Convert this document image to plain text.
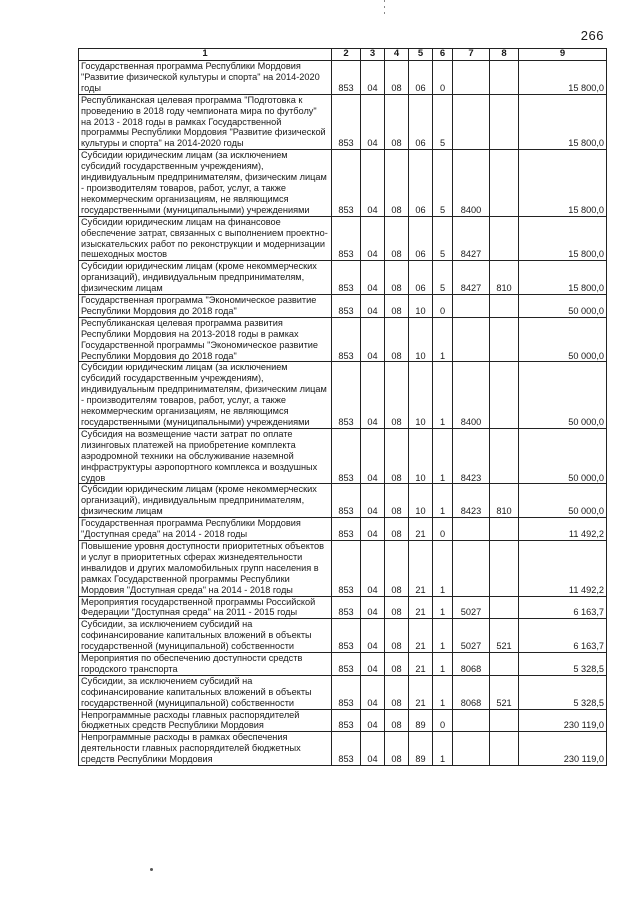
266
1	2	3	4	5	6	7	8	9
Государственная программа Республики Мордовия "Развитие физической культуры и спорта" на 2014-2020 годы	853	04	08	06	0			15 800,0
Республиканская целевая программа "Подготовка к проведению в 2018 году чемпионата мира по футболу" на 2013 - 2018 годы в рамках Государственной программы Республики Мордовия "Развитие физической культуры и спорта" на 2014-2020 годы	853	04	08	06	5			15 800,0
Субсидии юридическим лицам (за исключением субсидий государственным учреждениям), индивидуальным предпринимателям, физическим лицам - производителям товаров, работ, услуг, а также некоммерческим организациям, не являющимся государственными (муниципальными) учреждениями	853	04	08	06	5	8400		15 800,0
Субсидии юридическим лицам на финансовое обеспечение затрат, связанных с выполнением проектно-изыскательских работ по реконструкции и модернизации пешеходных мостов	853	04	08	06	5	8427		15 800,0
Субсидии юридическим лицам (кроме некоммерческих организаций), индивидуальным предпринимателям, физическим лицам	853	04	08	06	5	8427	810	15 800,0
Государственная программа "Экономическое развитие Республики Мордовия до 2018 года"	853	04	08	10	0			50 000,0
Республиканская целевая программа развития Республики Мордовия на 2013-2018 годы в рамках Государственной программы "Экономическое развитие Республики Мордовия до 2018 года"	853	04	08	10	1			50 000,0
Субсидии юридическим лицам (за исключением субсидий государственным учреждениям), индивидуальным предпринимателям, физическим лицам - производителям товаров, работ, услуг, а также некоммерческим организациям, не являющимся государственными (муниципальными) учреждениями	853	04	08	10	1	8400		50 000,0
Субсидия на возмещение части затрат по оплате лизинговых платежей на приобретение комплекта аэродромной техники на обслуживание наземной инфраструктуры аэропортного комплекса и воздушных судов	853	04	08	10	1	8423		50 000,0
Субсидии юридическим лицам (кроме некоммерческих организаций), индивидуальным предпринимателям, физическим лицам	853	04	08	10	1	8423	810	50 000,0
Государственная программа Республики Мордовия "Доступная среда" на 2014 - 2018 годы	853	04	08	21	0			11 492,2
Повышение уровня доступности приоритетных объектов и услуг в приоритетных сферах жизнедеятельности инвалидов и других маломобильных групп населения в рамках Государственной программы Республики Мордовия "Доступная среда" на 2014 - 2018 годы	853	04	08	21	1			11 492,2
Мероприятия государственной программы Российской Федерации "Доступная среда" на 2011 - 2015 годы	853	04	08	21	1	5027		6 163,7
Субсидии, за исключением субсидий на софинансирование капитальных вложений в объекты государственной (муниципальной) собственности	853	04	08	21	1	5027	521	6 163,7
Мероприятия по обеспечению доступности средств городского транспорта	853	04	08	21	1	8068		5 328,5
Субсидии, за исключением субсидий на софинансирование капитальных вложений в объекты государственной (муниципальной) собственности	853	04	08	21	1	8068	521	5 328,5
Непрограммные расходы главных распорядителей бюджетных средств Республики Мордовия	853	04	08	89	0			230 119,0
Непрограммные расходы в рамках обеспечения деятельности главных распорядителей бюджетных средств Республики Мордовия	853	04	08	89	1			230 119,0
